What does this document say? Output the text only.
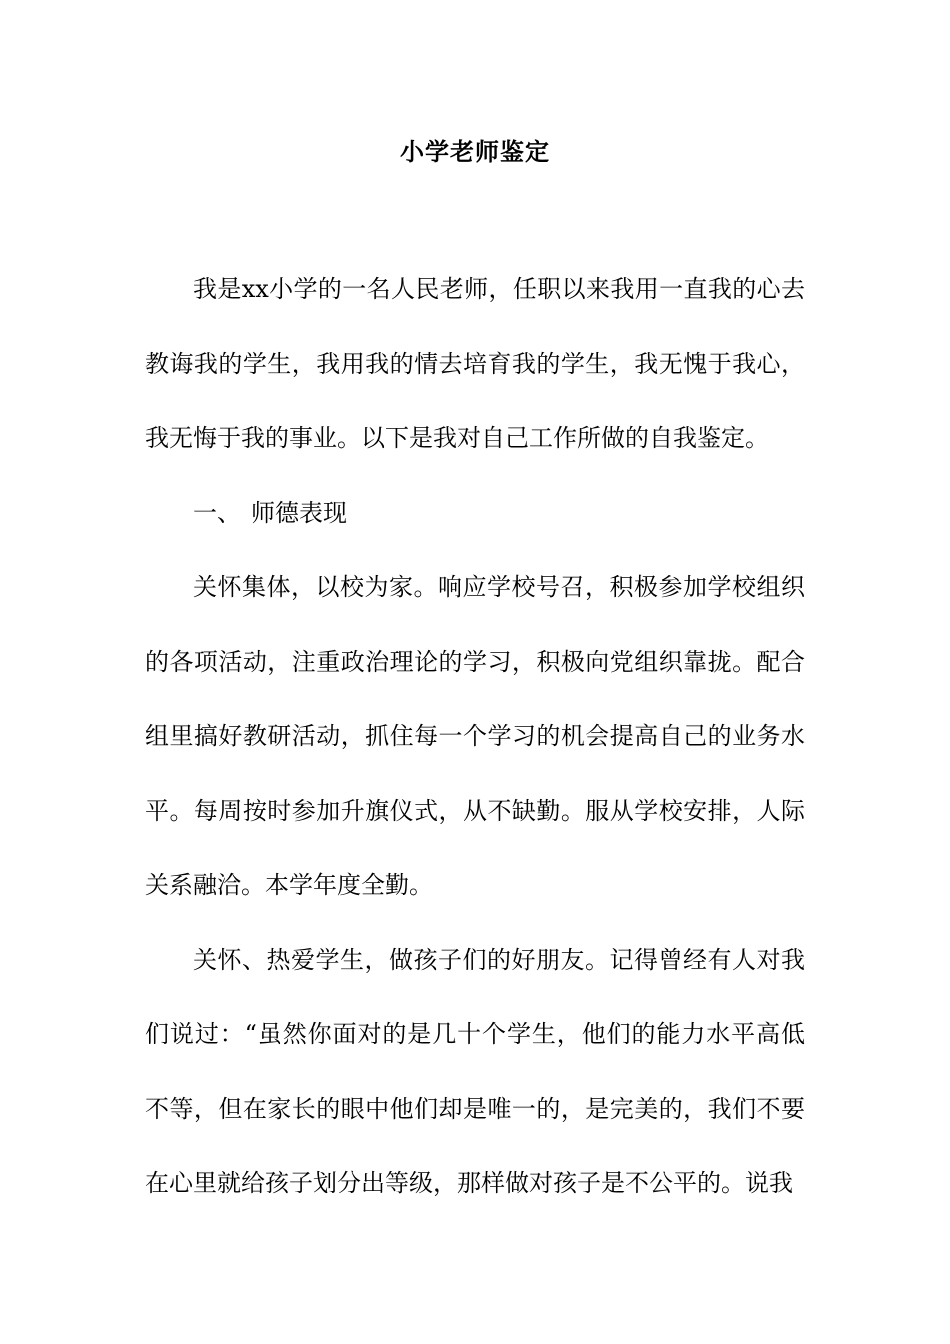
小学老师鉴定

我是xx小学的一名人民老师，任职以来我用一直我的心去教诲我的学生，我用我的情去培育我的学生，我无愧于我心，我无悔于我的事业。以下是我对自己工作所做的自我鉴定。

一、 师德表现

关怀集体，以校为家。响应学校号召，积极参加学校组织的各项活动，注重政治理论的学习，积极向党组织靠拢。配合组里搞好教研活动，抓住每一个学习的机会提高自己的业务水平。每周按时参加升旗仪式，从不缺勤。服从学校安排，人际关系融洽。本学年度全勤。

关怀、热爱学生，做孩子们的好朋友。记得曾经有人对我们说过：“虽然你面对的是几十个学生，他们的能力水平高低不等，但在家长的眼中他们却是唯一的，是完美的，我们不要在心里就给孩子划分出等级，那样做对孩子是不公平的。说我
